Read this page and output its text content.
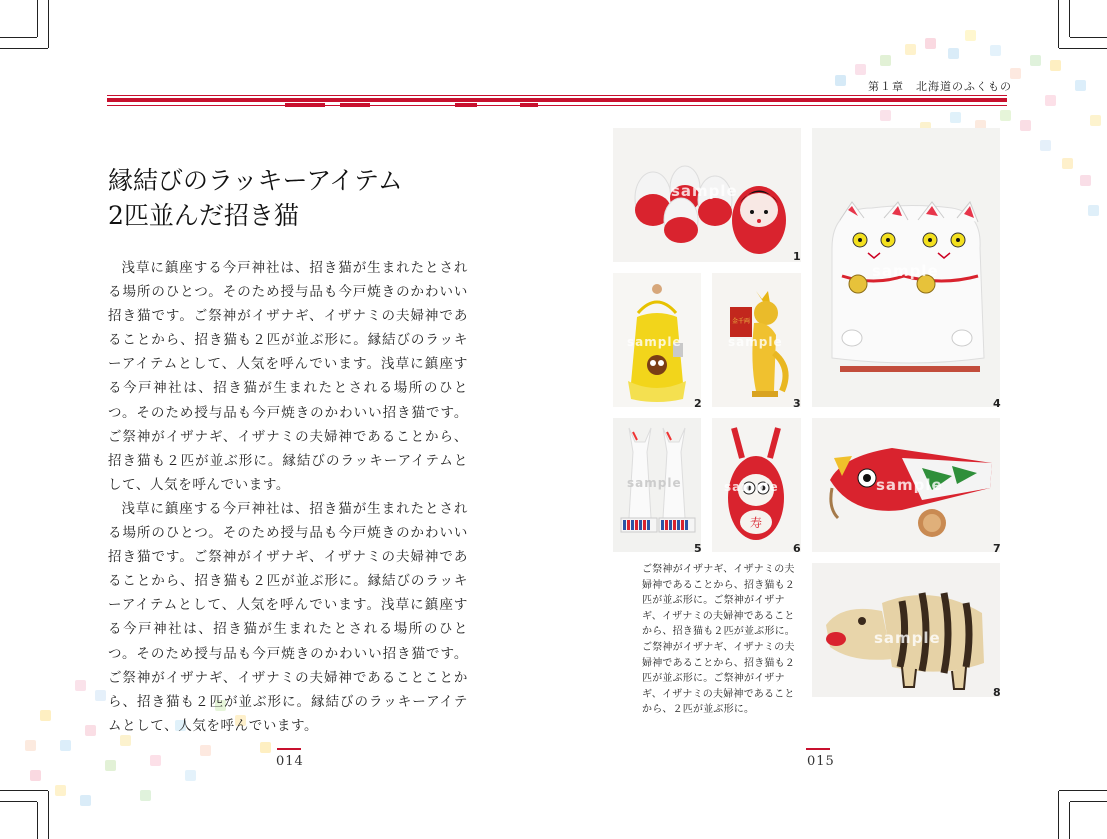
第１章　北海道のふくもの
縁結びのラッキーアイテム
2匹並んだ招き猫

浅草に鎮座する今戸神社は、招き猫が生まれたとされる場所のひとつ。そのため授与品も今戸焼きのかわいい招き猫です。ご祭神がイザナギ、イザナミの夫婦神であることから、招き猫も２匹が並ぶ形に。縁結びのラッキーアイテムとして、人気を呼んでいます。浅草に鎮座する今戸神社は、招き猫が生まれたとされる場所のひとつ。そのため授与品も今戸焼きのかわいい招き猫です。ご祭神がイザナギ、イザナミの夫婦神であることから、招き猫も２匹が並ぶ形に。縁結びのラッキーアイテムとして、人気を呼んでいます。

浅草に鎮座する今戸神社は、招き猫が生まれたとされる場所のひとつ。そのため授与品も今戸焼きのかわいい招き猫です。ご祭神がイザナギ、イザナミの夫婦神であることから、招き猫も２匹が並ぶ形に。縁結びのラッキーアイテムとして、人気を呼んでいます。浅草に鎮座する今戸神社は、招き猫が生まれたとされる場所のひとつ。そのため授与品も今戸焼きのかわいい招き猫です。ご祭神がイザナギ、イザナミの夫婦神であることことから、招き猫も２匹が並ぶ形に。縁結びのラッキーアイテムとして、人気を呼んでいます。

sample
1
sample
2
金千両
sample
3
sample
4
sample
5
寿
sample
6
sample
7
ご祭神がイザナギ、イザナミの夫婦神であることから、招き猫も２匹が並ぶ形に。ご祭神がイザナギ、イザナミの夫婦神であることから、招き猫も２匹が並ぶ形に。ご祭神がイザナギ、イザナミの夫婦神であることから、招き猫も２匹が並ぶ形に。ご祭神がイザナギ、イザナミの夫婦神であることから、２匹が並ぶ形に。
sample
8
014	015
